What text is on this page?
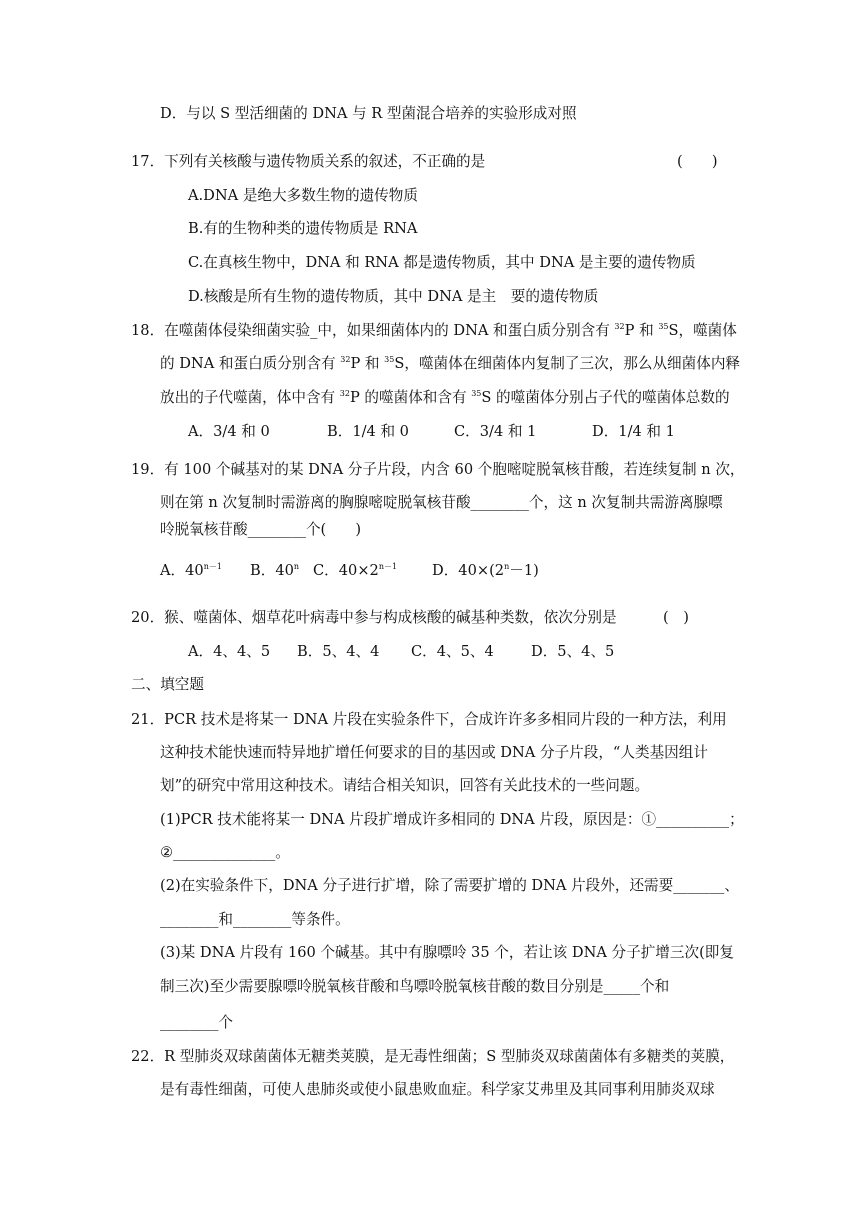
D．与以 S 型活细菌的 DNA 与 R 型菌混合培养的实验形成对照
17．下列有关核酸与遗传物质关系的叙述，不正确的是	(　　)
A.DNA 是绝大多数生物的遗传物质
B.有的生物种类的遗传物质是 RNA
C.在真核生物中，DNA 和 RNA 都是遗传物质，其中 DNA 是主要的遗传物质
D.核酸是所有生物的遗传物质，其中 DNA 是主　要的遗传物质
18．在噬菌体侵染细菌实验_中，如果细菌体内的 DNA 和蛋白质分别含有 $^{32}$P 和 $^{35}$S，噬菌体
的 DNA 和蛋白质分别含有 $^{32}$P 和 $^{35}$S，噬菌体在细菌体内复制了三次，那么从细菌体内释
放出的子代噬菌，体中含有 $^{32}$P 的噬菌体和含有 $^{35}$S 的噬菌体分别占子代的噬菌体总数的
A．3/4 和 0	B．1/4 和 0	C．3/4 和 1	D．1/4 和 1
19．有 100 个碱基对的某 DNA 分子片段，内含 60 个胞嘧啶脱氧核苷酸，若连续复制 n 次，
则在第 n 次复制时需游离的胸腺嘧啶脱氧核苷酸________个，这 n 次复制共需游离腺嘌
呤脱氧核苷酸________个(　　)
A．$40^{n-1}$ B．40$^n$ C．$40\times 2^{n-1}$ D．$40\times(2^n-1)$
20．猴、噬菌体、烟草花叶病毒中参与构成核酸的碱基种类数，依次分别是	(　)
A．4、4、5 B．5、4、4 C．4、5、4	D．5、4、5
二、填空题
21．PCR 技术是将某一 DNA 片段在实验条件下，合成许许多多相同片段的一种方法，利用
这种技术能快速而特异地扩增任何要求的目的基因或 DNA 分子片段，“人类基因组计
划”的研究中常用这种技术。请结合相关知识，回答有关此技术的一些问题。
(1)PCR 技术能将某一 DNA 片段扩增成许多相同的 DNA 片段，原因是：①__________；
②______________。
(2)在实验条件下，DNA 分子进行扩增，除了需要扩增的 DNA 片段外，还需要_______、
________和________等条件。
(3)某 DNA 片段有 160 个碱基。其中有腺嘌呤 35 个，若让该 DNA 分子扩增三次(即复
制三次)至少需要腺嘌呤脱氧核苷酸和鸟嘌呤脱氧核苷酸的数目分别是_____个和
________个
22．R 型肺炎双球菌菌体无糖类荚膜，是无毒性细菌；S 型肺炎双球菌菌体有多糖类的荚膜，
是有毒性细菌，可使人患肺炎或使小鼠患败血症。科学家艾弗里及其同事利用肺炎双球
